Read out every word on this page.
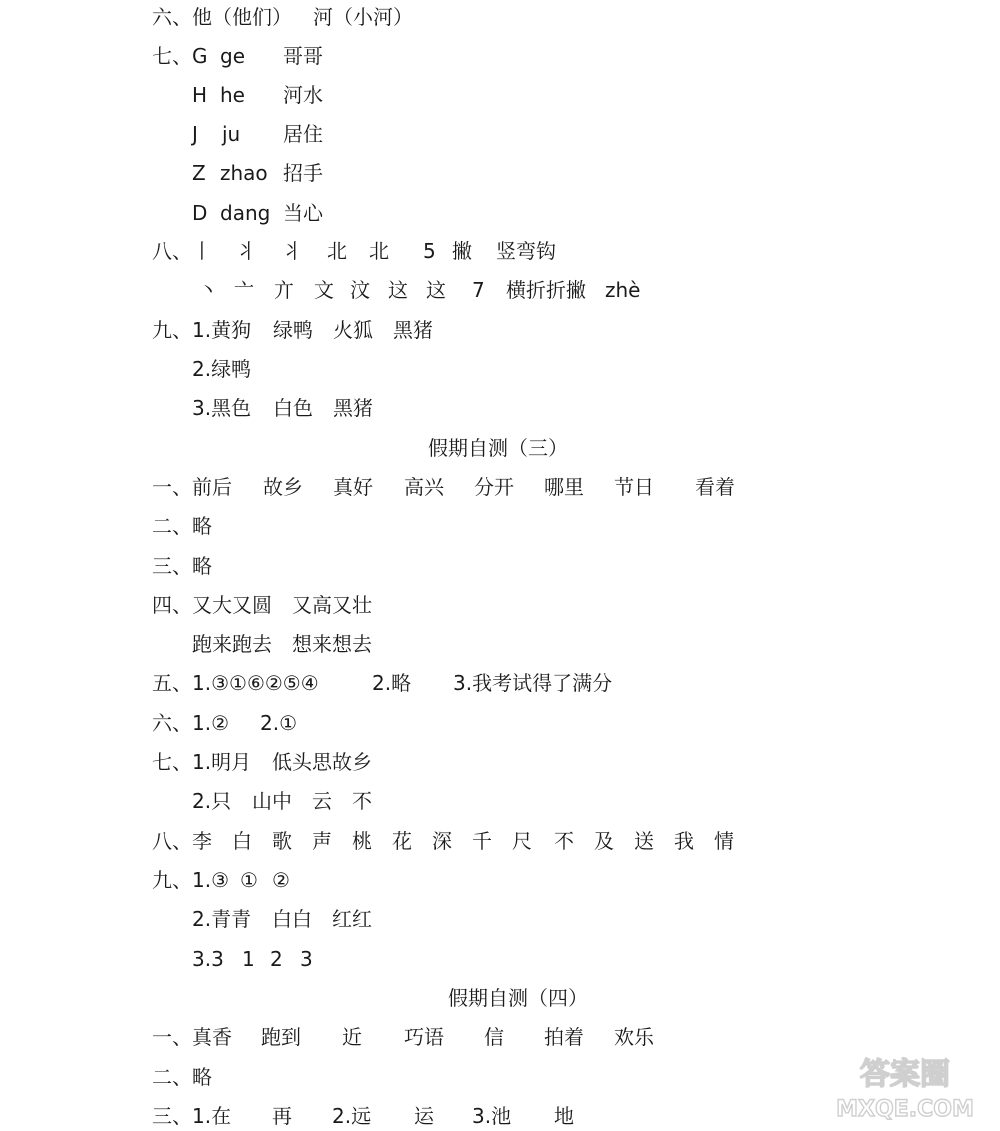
六、他（他们） 河（小河）
七、G ge 哥哥
H he 河水
J ju 居住
Z zhao 招手
D dang 当心
八、丨 丬 丬 北 北 5 撇 竖弯钩
丶 亠 亣 文 汶 这 这 7 横折折撇 zhè
九、1.黄狗 绿鸭 火狐 黑猪
2.绿鸭
3.黑色 白色 黑猪
一、前后 故乡 真好 高兴 分开 哪里 节日 看着
二、略
三、略
四、又大又圆 又高又壮
跑来跑去 想来想去
五、1.③①⑥②⑤④	2.略 3.我考试得了满分
六、1.② 2.①
七、1.明月 低头思故乡
2.只 山中 云 不
八、李 白 歌 声 桃 花 深 千 尺 不 及 送 我 情
九、1.③ ① ②
2.青青 白白 红红
3.3 1 2 3
一、真香 跑到 近 巧语 信 拍着 欢乐
二、略
三、1.在 再 2.远 运 3.池 地
假期自测（三）
假期自测（四）
答案圈
MXQE.COM
